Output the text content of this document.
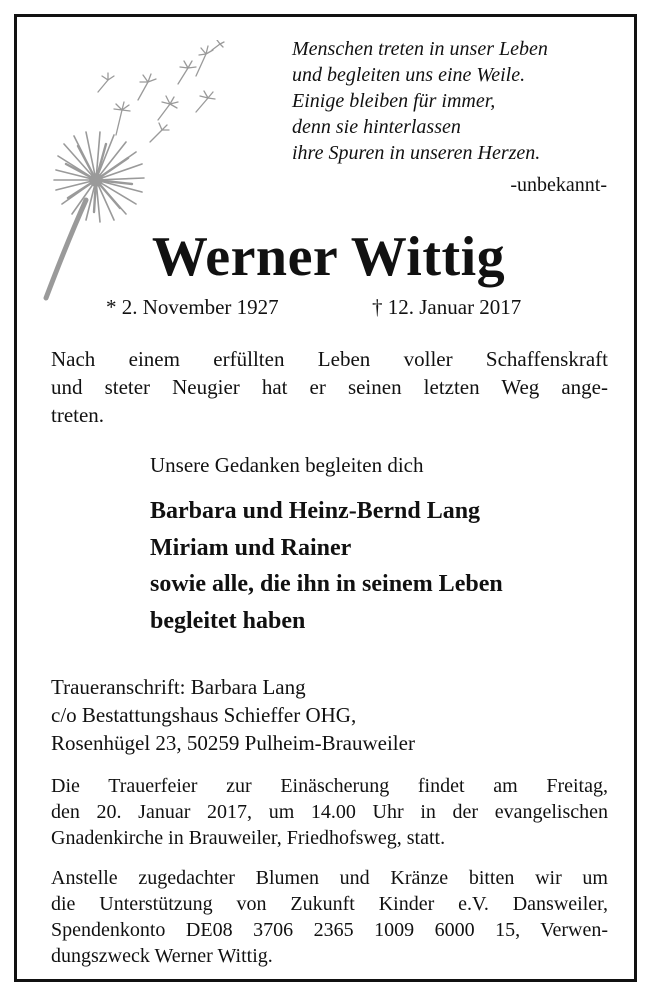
Menschen treten in unser Leben
und begleiten uns eine Weile.
Einige bleiben für immer,
denn sie hinterlassen
ihre Spuren in unseren Herzen.
-unbekannt-
Werner Wittig
* 2. November 1927	† 12. Januar 2017
Nach einem erfüllten Leben voller Schaffenskraft
und steter Neugier hat er seinen letzten Weg ange-
treten.
Unsere Gedanken begleiten dich
Barbara und Heinz-Bernd Lang
Miriam und Rainer
sowie alle, die ihn in seinem Leben
begleitet haben
Traueranschrift: Barbara Lang
c/o Bestattungshaus Schieffer OHG,
Rosenhügel 23, 50259 Pulheim-Brauweiler
Die Trauerfeier zur Einäscherung findet am Freitag,
den 20. Januar 2017, um 14.00 Uhr in der evangelischen
Gnadenkirche in Brauweiler, Friedhofsweg, statt.
Anstelle zugedachter Blumen und Kränze bitten wir um
die Unterstützung von Zukunft Kinder e.V. Dansweiler,
Spendenkonto DE08 3706 2365 1009 6000 15, Verwen-
dungszweck Werner Wittig.
